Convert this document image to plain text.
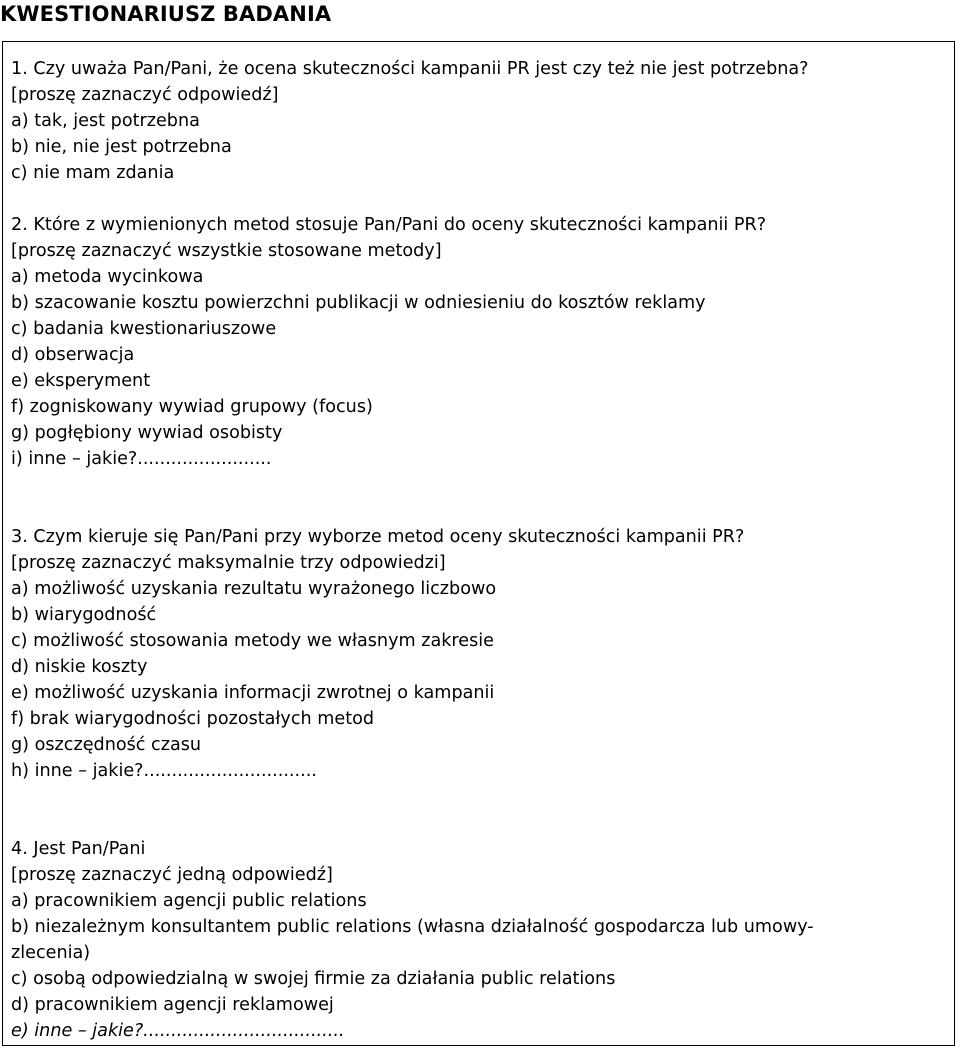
KWESTIONARIUSZ BADANIA
1. Czy uważa Pan/Pani, że ocena skuteczności kampanii PR jest czy też nie jest potrzebna?
[proszę zaznaczyć odpowiedź]
a) tak, jest potrzebna
b) nie, nie jest potrzebna
c) nie mam zdania
2. Które z wymienionych metod stosuje Pan/Pani do oceny skuteczności kampanii PR?
[proszę zaznaczyć wszystkie stosowane metody]
a) metoda wycinkowa
b) szacowanie kosztu powierzchni publikacji w odniesieniu do kosztów reklamy
c) badania kwestionariuszowe
d) obserwacja
e) eksperyment
f) zogniskowany wywiad grupowy (focus)
g) pogłębiony wywiad osobisty
i) inne – jakie?........................
3. Czym kieruje się Pan/Pani przy wyborze metod oceny skuteczności kampanii PR?
[proszę zaznaczyć maksymalnie trzy odpowiedzi]
a) możliwość uzyskania rezultatu wyrażonego liczbowo
b) wiarygodność
c) możliwość stosowania metody we własnym zakresie
d) niskie koszty
e) możliwość uzyskania informacji zwrotnej o kampanii
f) brak wiarygodności pozostałych metod
g) oszczędność czasu
h) inne – jakie?...............................
4. Jest Pan/Pani
[proszę zaznaczyć jedną odpowiedź]
a) pracownikiem agencji public relations
b) niezależnym konsultantem public relations (własna działalność gospodarcza lub umowy-
zlecenia)
c) osobą odpowiedzialną w swojej firmie za działania public relations
d) pracownikiem agencji reklamowej
e) inne – jakie?....................................
